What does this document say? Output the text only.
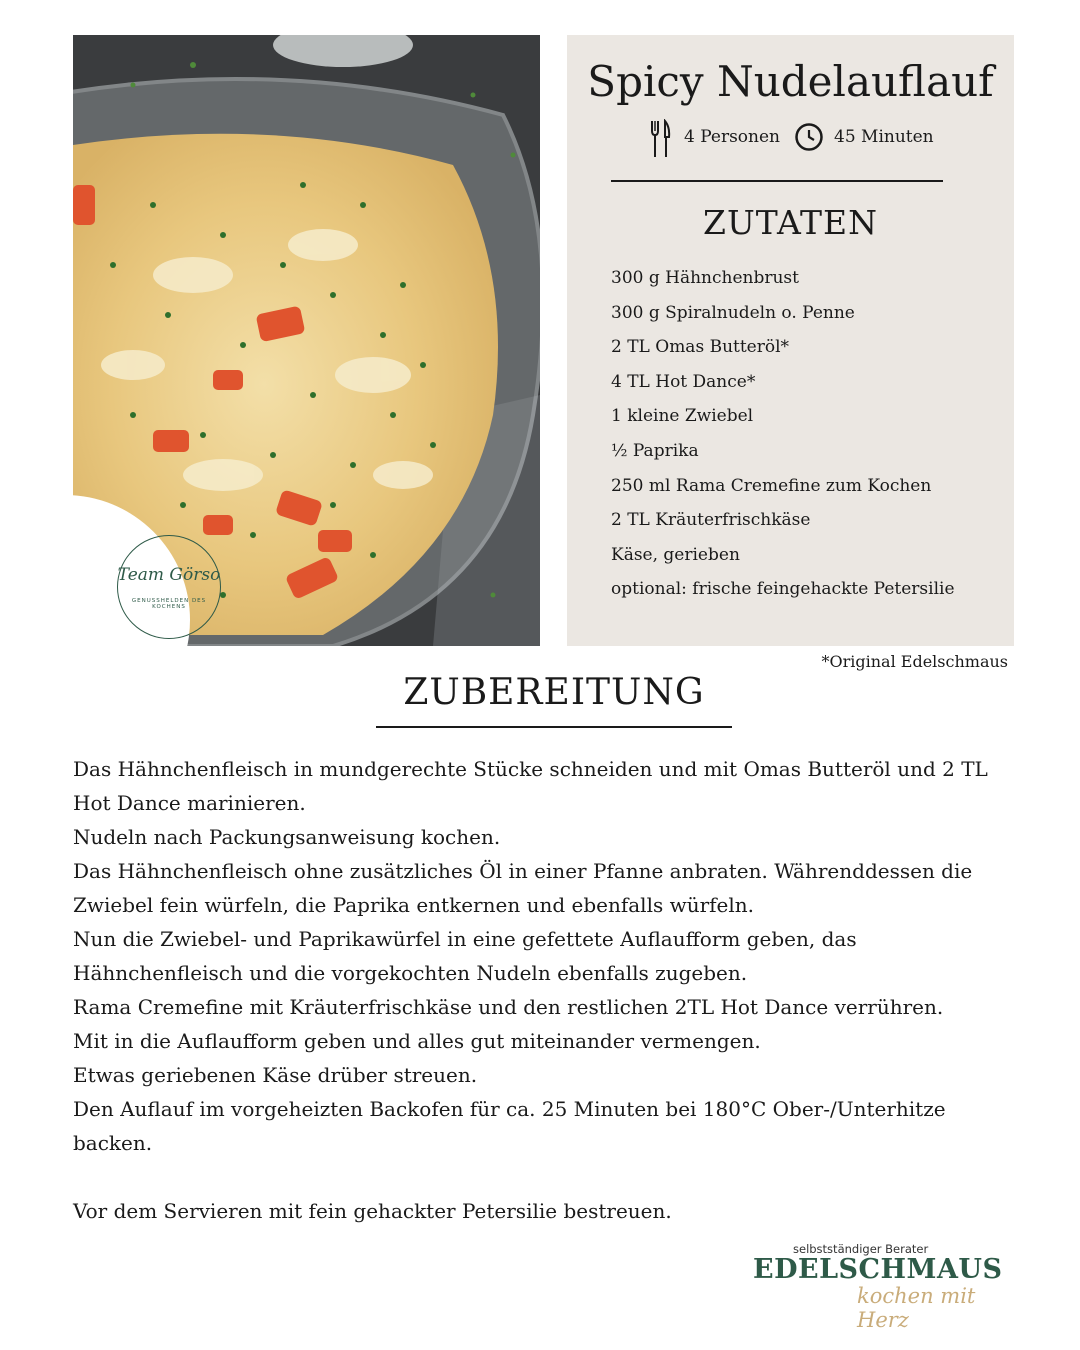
Team Görso
GENUSSHELDEN DES KOCHENS
Spicy Nudelauflauf
4 Personen	45 Minuten
ZUTATEN
300 g Hähnchenbrust
300 g Spiralnudeln o. Penne
2 TL Omas Butteröl*
4 TL Hot Dance*
1 kleine Zwiebel
½ Paprika
250 ml Rama Cremefine zum Kochen
2 TL Kräuterfrischkäse
Käse, gerieben
optional: frische feingehackte Petersilie
*Original Edelschmaus
ZUBEREITUNG
Das Hähnchenfleisch in mundgerechte Stücke schneiden und mit Omas Butteröl und 2 TL Hot Dance marinieren.
Nudeln nach Packungsanweisung kochen.
Das Hähnchenfleisch ohne zusätzliches Öl in einer Pfanne anbraten. Währenddessen die Zwiebel fein würfeln, die Paprika entkernen und ebenfalls würfeln.
Nun die Zwiebel- und Paprikawürfel in eine gefettete Auflaufform geben, das Hähnchenfleisch und die vorgekochten Nudeln ebenfalls zugeben.
Rama Cremefine mit Kräuterfrischkäse und den restlichen 2TL Hot Dance verrühren.
Mit in die Auflaufform geben und alles gut miteinander vermengen.
Etwas geriebenen Käse drüber streuen.
Den Auflauf im vorgeheizten Backofen für ca. 25 Minuten bei 180°C Ober-/Unterhitze backen.
Vor dem Servieren mit fein gehackter Petersilie bestreuen.
selbstständiger Berater
EDELSCHMAUS
kochen mit Herz
